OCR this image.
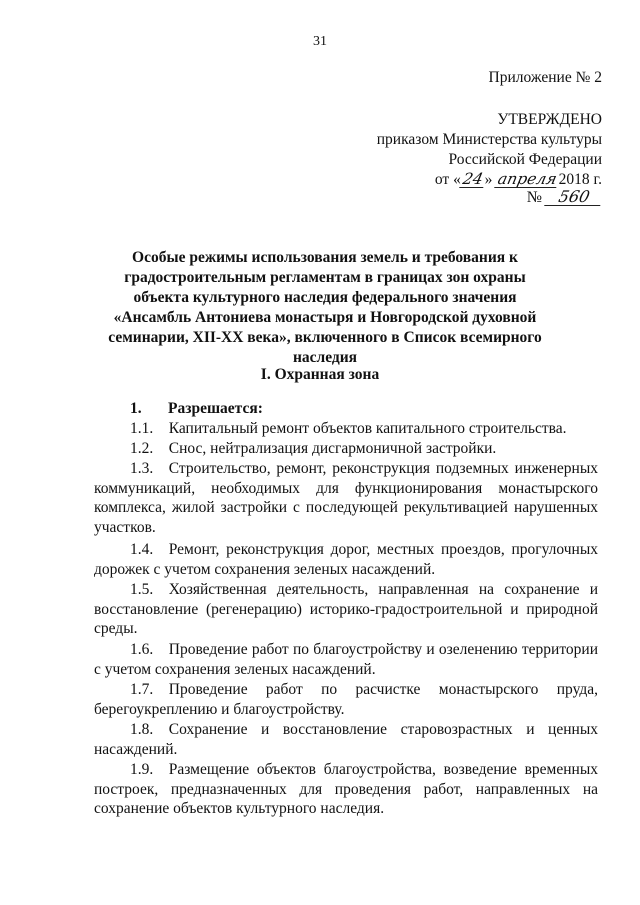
31
Приложение № 2
УТВЕРЖДЕНО
приказом Министерства культуры
Российской Федерации
от «24» апреля2018 г.
№ 560
Особые режимы использования земель и требования к градостроительным регламентам в границах зон охраны объекта культурного наследия федерального значения «Ансамбль Антониева монастыря и Новгородской духовной семинарии, XII-XX века», включенного в Список всемирного наследия
I. Охранная зона
1. Разрешается:

1.1. Капитальный ремонт объектов капитального строительства.

1.2. Снос, нейтрализация дисгармоничной застройки.

1.3. Строительство, ремонт, реконструкция подземных инженерных коммуникаций, необходимых для функционирования монастырского комплекса, жилой застройки с последующей рекультивацией нарушенных участков.

1.4. Ремонт, реконструкция дорог, местных проездов, прогулочных дорожек с учетом сохранения зеленых насаждений.

1.5. Хозяйственная деятельность, направленная на сохранение и восстановление (регенерацию) историко-градостроительной и природной среды.

1.6. Проведение работ по благоустройству и озеленению территории с учетом сохранения зеленых насаждений.

1.7. Проведение работ по расчистке монастырского пруда, берегоукреплению и благоустройству.

1.8. Сохранение и восстановление старовозрастных и ценных насаждений.

1.9. Размещение объектов благоустройства, возведение временных построек, предназначенных для проведения работ, направленных на сохранение объектов культурного наследия.
